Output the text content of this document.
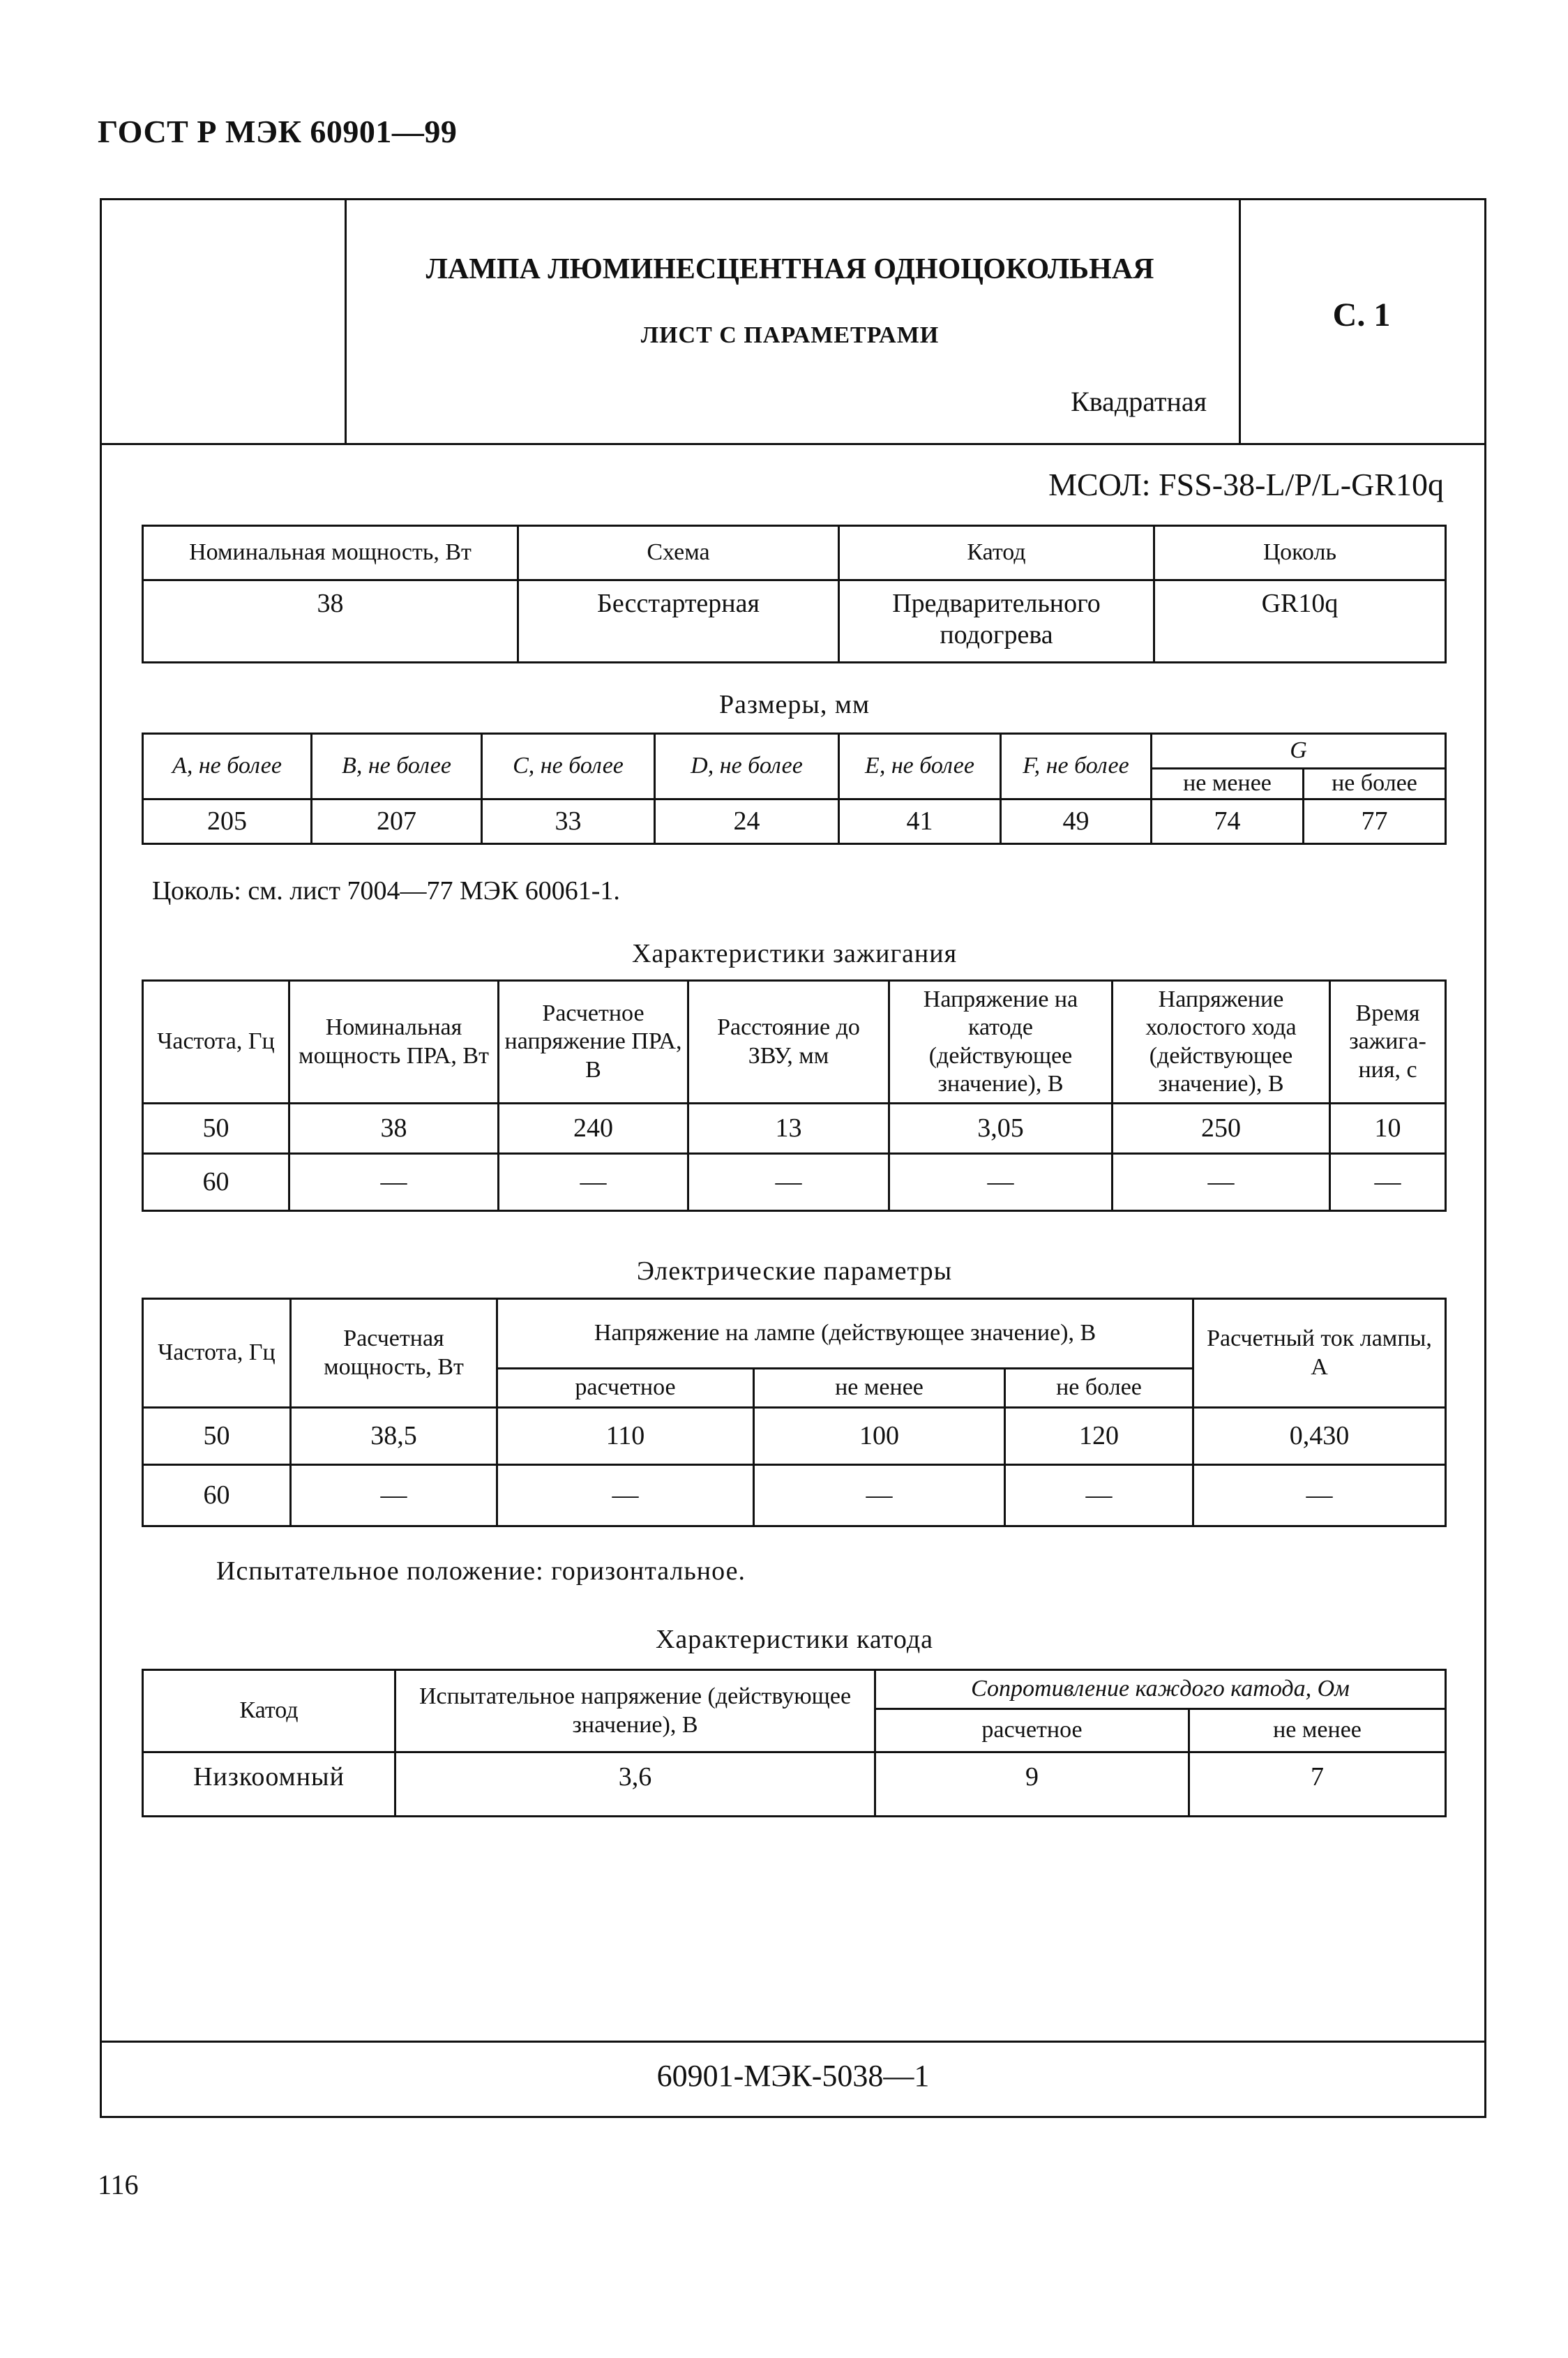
ГОСТ Р МЭК 60901—99
ЛАМПА ЛЮМИНЕСЦЕНТНАЯ ОДНОЦОКОЛЬНАЯ
ЛИСТ С ПАРАМЕТРАМИ
Квадратная
С. 1
МСОЛ: FSS-38-L/P/L-GR10q
Номинальная мощность, Вт	Схема	Катод	Цоколь
38	Бесстартерная	Предварительного подогрева	GR10q
Размеры, мм
A, не более	B, не более	C, не более	D, не более	E, не более	F, не более	G	
						не менее	не более
205	207	33	24	41	49	74	77
Цоколь: см. лист 7004—77 МЭК 60061-1.
Характеристики зажигания
Частота, Гц	Номинальная мощность ПРА, Вт	Расчетное напряжение ПРА, В	Расстояние до ЗВУ, мм	Напряжение на катоде (действующее значение), В	Напряжение холостого хода (действующее значение), В	Время зажига-ния, с
50	38	240	13	3,05	250	10
60	—	—	—	—	—	—
Электрические параметры
Частота, Гц	Расчетная мощность, Вт	Напряжение на лампе (действующее значение), В			Расчетный ток лампы, А
		расчетное	не менее	не более	
50	38,5	110	100	120	0,430
60	—	—	—	—	—
Испытательное положение: горизонтальное.
Характеристики катода
Катод	Испытательное напряжение (действующее значение), В	Сопротивление каждого катода, Ом	
		расчетное	не менее
Низкоомный	3,6	9	7
60901-МЭК-5038—1
116
